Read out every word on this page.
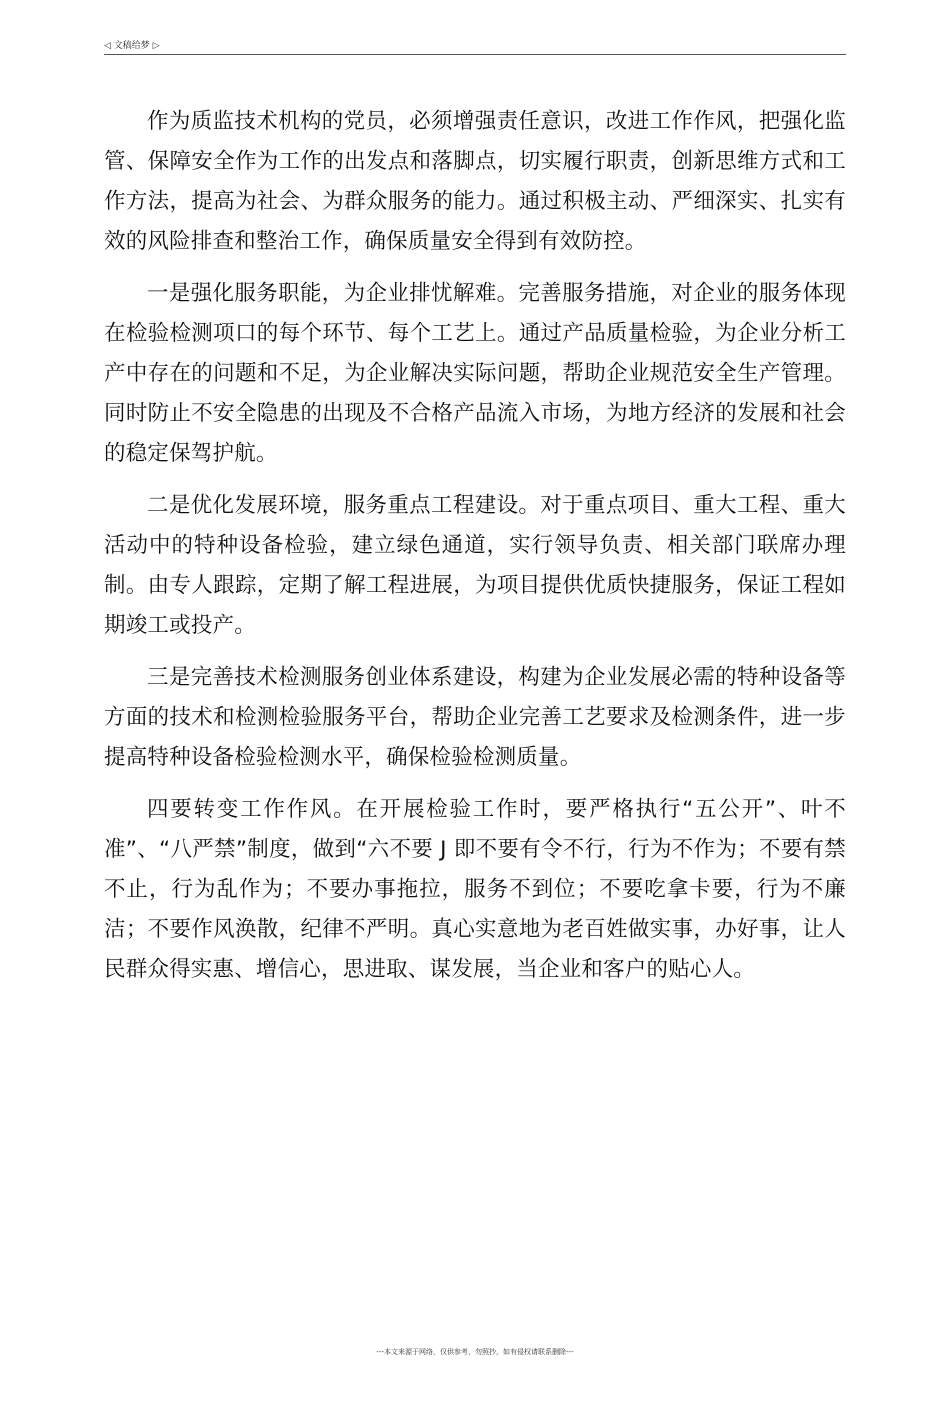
◁ 文稿给梦 ▷

作为质监技术机构的党员，必须增强责任意识，改进工作作风，把强化监管、保障安全作为工作的出发点和落脚点，切实履行职责，创新思维方式和工作方法，提高为社会、为群众服务的能力。通过积极主动、严细深实、扎实有效的风险排查和整治工作，确保质量安全得到有效防控。

一是强化服务职能，为企业排忧解难。完善服务措施，对企业的服务体现在检验检测项口的每个环节、每个工艺上。通过产品质量检验，为企业分析工产中存在的问题和不足，为企业解决实际问题，帮助企业规范安全生产管理。同时防止不安全隐患的出现及不合格产品流入市场，为地方经济的发展和社会的稳定保驾护航。

二是优化发展环境，服务重点工程建设。对于重点项目、重大工程、重大活动中的特种设备检验，建立绿色通道，实行领导负责、相关部门联席办理制。由专人跟踪，定期了解工程进展，为项目提供优质快捷服务，保证工程如期竣工或投产。

三是完善技术检测服务创业体系建设，构建为企业发展必需的特种设备等方面的技术和检测检验服务平台，帮助企业完善工艺要求及检测条件，进一步提高特种设备检验检测水平，确保检验检测质量。

四要转变工作作风。在开展检验工作时，要严格执行“五公开”、叶不准”、“八严禁”制度，做到“六不要 J 即不要有令不行，行为不作为；不要有禁不止，行为乱作为；不要办事拖拉，服务不到位；不要吃拿卡要，行为不廉洁；不要作风涣散，纪律不严明。真心实意地为老百姓做实事，办好事，让人民群众得实惠、增信心，思进取、谋发展，当企业和客户的贴心人。

---本文来源于网络，仅供参考，勿照抄，如有侵权请联系删除---
